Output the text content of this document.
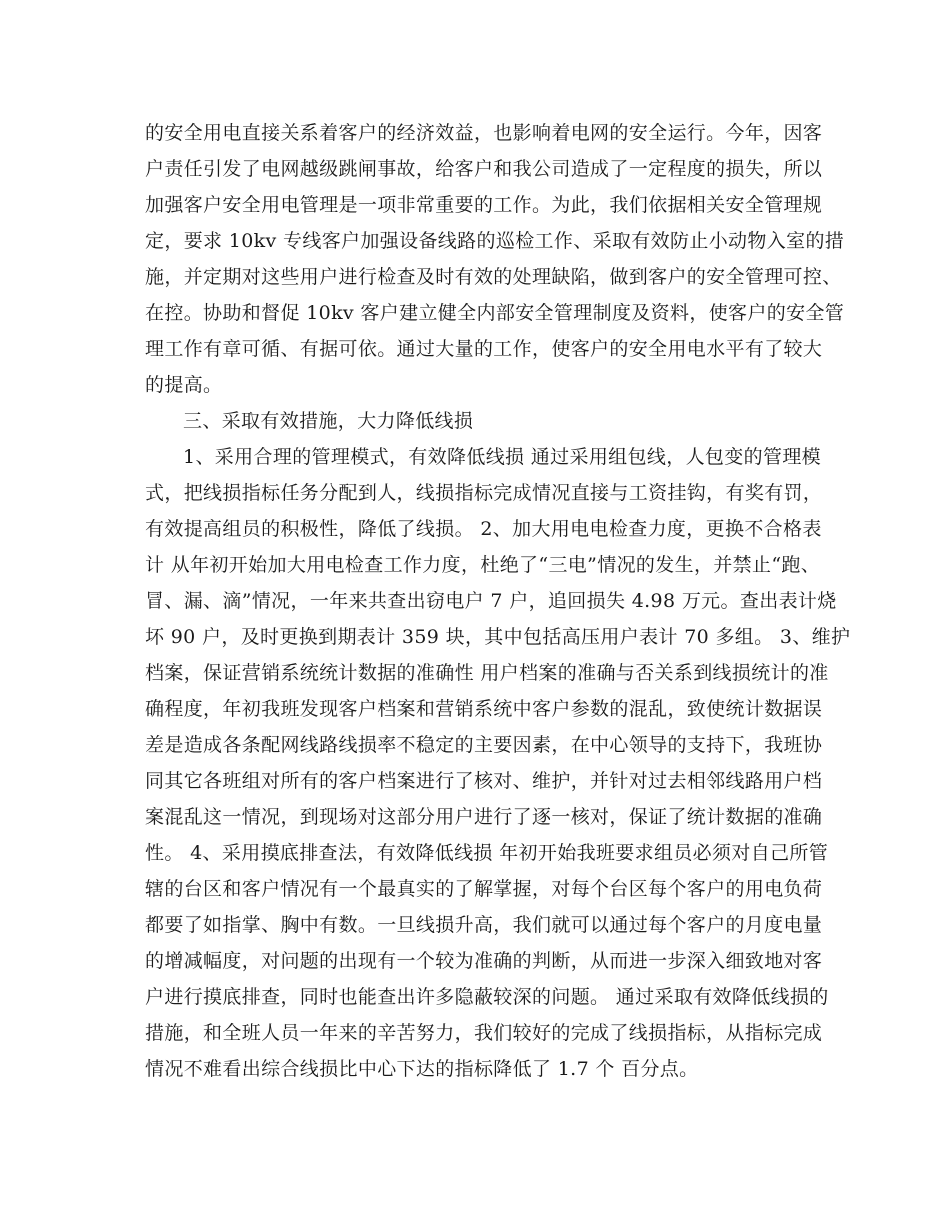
的安全用电直接关系着客户的经济效益，也影响着电网的安全运行。今年，因客
户责任引发了电网越级跳闸事故，给客户和我公司造成了一定程度的损失，所以
加强客户安全用电管理是一项非常重要的工作。为此，我们依据相关安全管理规
定，要求 10kv 专线客户加强设备线路的巡检工作、采取有效防止小动物入室的措
施，并定期对这些用户进行检查及时有效的处理缺陷，做到客户的安全管理可控、
在控。协助和督促 10kv 客户建立健全内部安全管理制度及资料，使客户的安全管
理工作有章可循、有据可依。通过大量的工作，使客户的安全用电水平有了较大
的提高。
三、采取有效措施，大力降低线损
1、采用合理的管理模式，有效降低线损 通过采用组包线，人包变的管理模
式，把线损指标任务分配到人，线损指标完成情况直接与工资挂钩，有奖有罚，
有效提高组员的积极性，降低了线损。 2、加大用电电检查力度，更换不合格表
计 从年初开始加大用电检查工作力度，杜绝了“三电”情况的发生，并禁止“跑、
冒、漏、滴”情况，一年来共查出窃电户 7 户，追回损失 4.98 万元。查出表计烧
坏 90 户，及时更换到期表计 359 块，其中包括高压用户表计 70 多组。 3、维护
档案，保证营销系统统计数据的准确性 用户档案的准确与否关系到线损统计的准
确程度，年初我班发现客户档案和营销系统中客户参数的混乱，致使统计数据误
差是造成各条配网线路线损率不稳定的主要因素，在中心领导的支持下，我班协
同其它各班组对所有的客户档案进行了核对、维护，并针对过去相邻线路用户档
案混乱这一情况，到现场对这部分用户进行了逐一核对，保证了统计数据的准确
性。 4、采用摸底排查法，有效降低线损 年初开始我班要求组员必须对自己所管
辖的台区和客户情况有一个最真实的了解掌握，对每个台区每个客户的用电负荷
都要了如指掌、胸中有数。一旦线损升高，我们就可以通过每个客户的月度电量
的增减幅度，对问题的出现有一个较为准确的判断，从而进一步深入细致地对客
户进行摸底排查，同时也能查出许多隐蔽较深的问题。 通过采取有效降低线损的
措施，和全班人员一年来的辛苦努力，我们较好的完成了线损指标，从指标完成
情况不难看出综合线损比中心下达的指标降低了 1.7 个 百分点。
